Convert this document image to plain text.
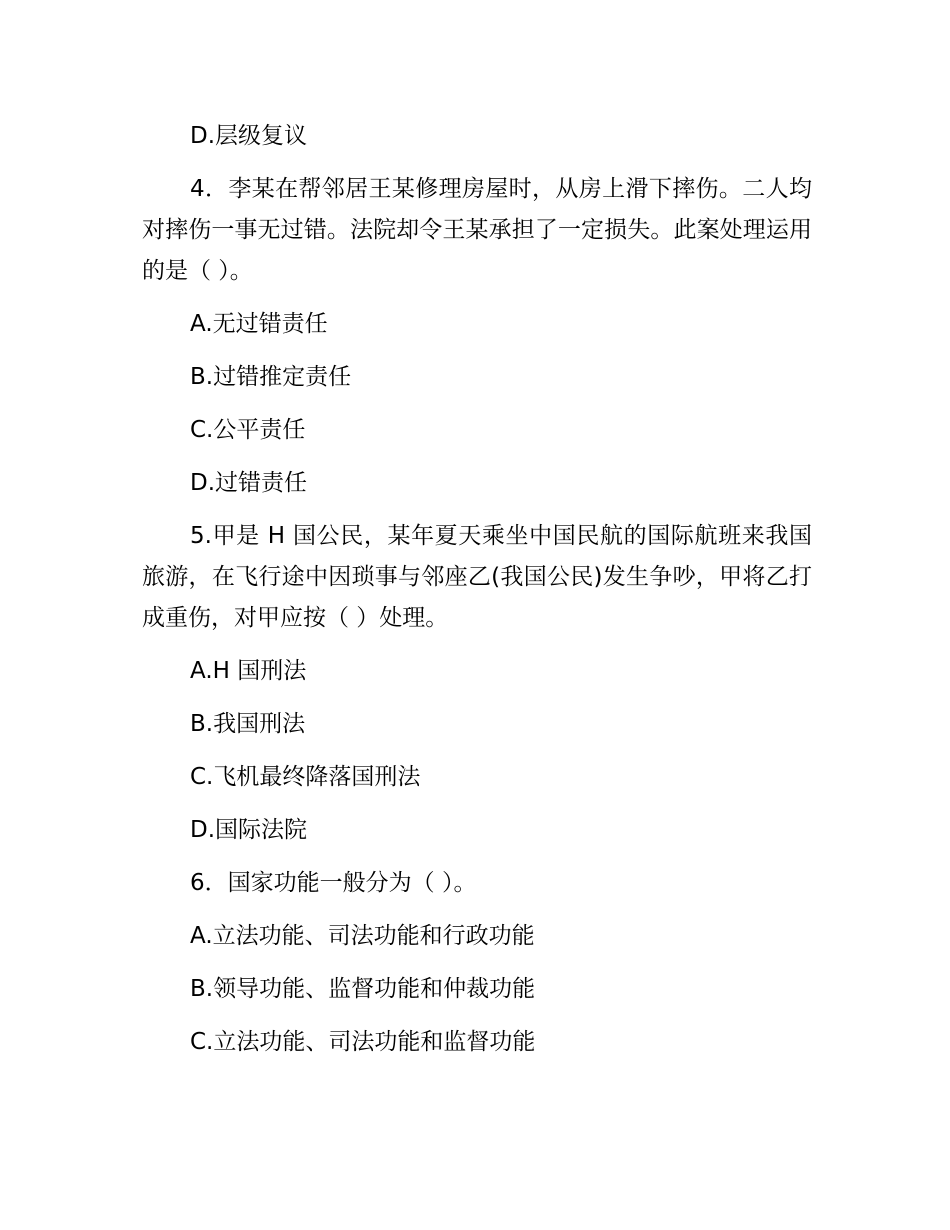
D.层级复议

4．李某在帮邻居王某修理房屋时，从房上滑下摔伤。二人均对摔伤一事无过错。法院却令王某承担了一定损失。此案处理运用的是（ ）。

A.无过错责任

B.过错推定责任

C.公平责任

D.过错责任

5.甲是 H 国公民，某年夏天乘坐中国民航的国际航班来我国旅游，在飞行途中因琐事与邻座乙(我国公民)发生争吵，甲将乙打成重伤，对甲应按（ ）处理。

A.H 国刑法

B.我国刑法

C.飞机最终降落国刑法

D.国际法院

6．国家功能一般分为（ ）。

A.立法功能、司法功能和行政功能

B.领导功能、监督功能和仲裁功能

C.立法功能、司法功能和监督功能
